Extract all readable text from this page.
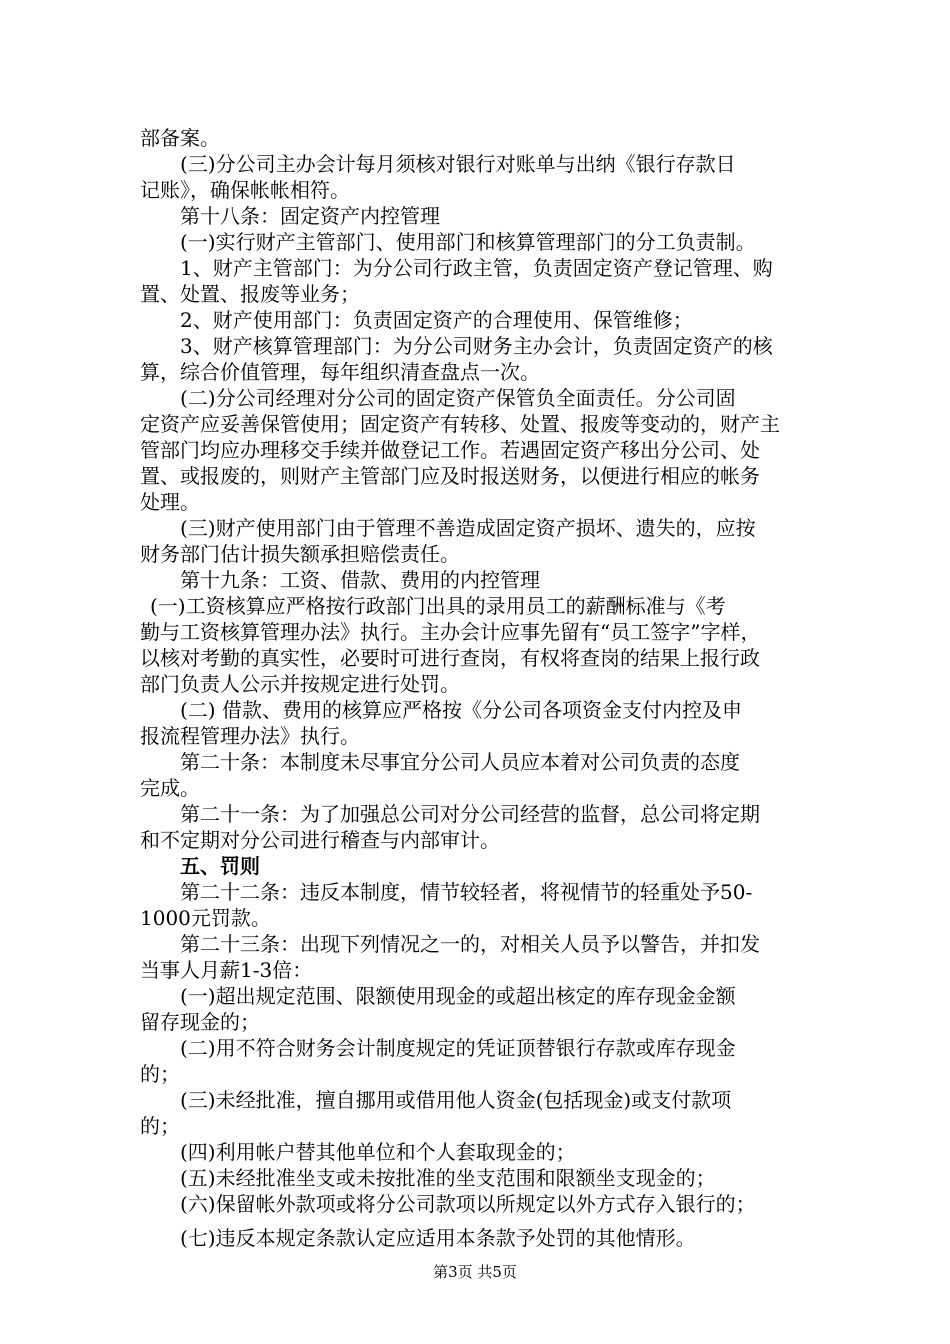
部备案。
(三)分公司主办会计每月须核对银行对账单与出纳《银行存款日
记账》，确保帐帐相符。
第十八条：固定资产内控管理
(一)实行财产主管部门、使用部门和核算管理部门的分工负责制。
1、财产主管部门：为分公司行政主管，负责固定资产登记管理、购
置、处置、报废等业务；
2、财产使用部门：负责固定资产的合理使用、保管维修；
3、财产核算管理部门：为分公司财务主办会计，负责固定资产的核
算，综合价值管理，每年组织清查盘点一次。
(二)分公司经理对分公司的固定资产保管负全面责任。分公司固
定资产应妥善保管使用；固定资产有转移、处置、报废等变动的，财产主
管部门均应办理移交手续并做登记工作。若遇固定资产移出分公司、处
置、或报废的，则财产主管部门应及时报送财务，以便进行相应的帐务
处理。
(三)财产使用部门由于管理不善造成固定资产损坏、遗失的，应按
财务部门估计损失额承担赔偿责任。
第十九条：工资、借款、费用的内控管理
(一)工资核算应严格按行政部门出具的录用员工的薪酬标准与《考
勤与工资核算管理办法》执行。主办会计应事先留有“员工签字”字样，
以核对考勤的真实性，必要时可进行查岗，有权将查岗的结果上报行政
部门负责人公示并按规定进行处罚。
(二) 借款、费用的核算应严格按《分公司各项资金支付内控及申
报流程管理办法》执行。
第二十条：本制度未尽事宜分公司人员应本着对公司负责的态度
完成。
第二十一条：为了加强总公司对分公司经营的监督，总公司将定期
和不定期对分公司进行稽查与内部审计。
五、罚则
第二十二条：违反本制度，情节较轻者，将视情节的轻重处予50-
1000元罚款。
第二十三条：出现下列情况之一的，对相关人员予以警告，并扣发
当事人月薪1-3倍：
(一)超出规定范围、限额使用现金的或超出核定的库存现金金额
留存现金的；
(二)用不符合财务会计制度规定的凭证顶替银行存款或库存现金
的；
(三)未经批准，擅自挪用或借用他人资金(包括现金)或支付款项
的；
(四)利用帐户替其他单位和个人套取现金的；
(五)未经批准坐支或未按批准的坐支范围和限额坐支现金的；
(六)保留帐外款项或将分公司款项以所规定以外方式存入银行的；
(七)违反本规定条款认定应适用本条款予处罚的其他情形。
第3页 共5页
